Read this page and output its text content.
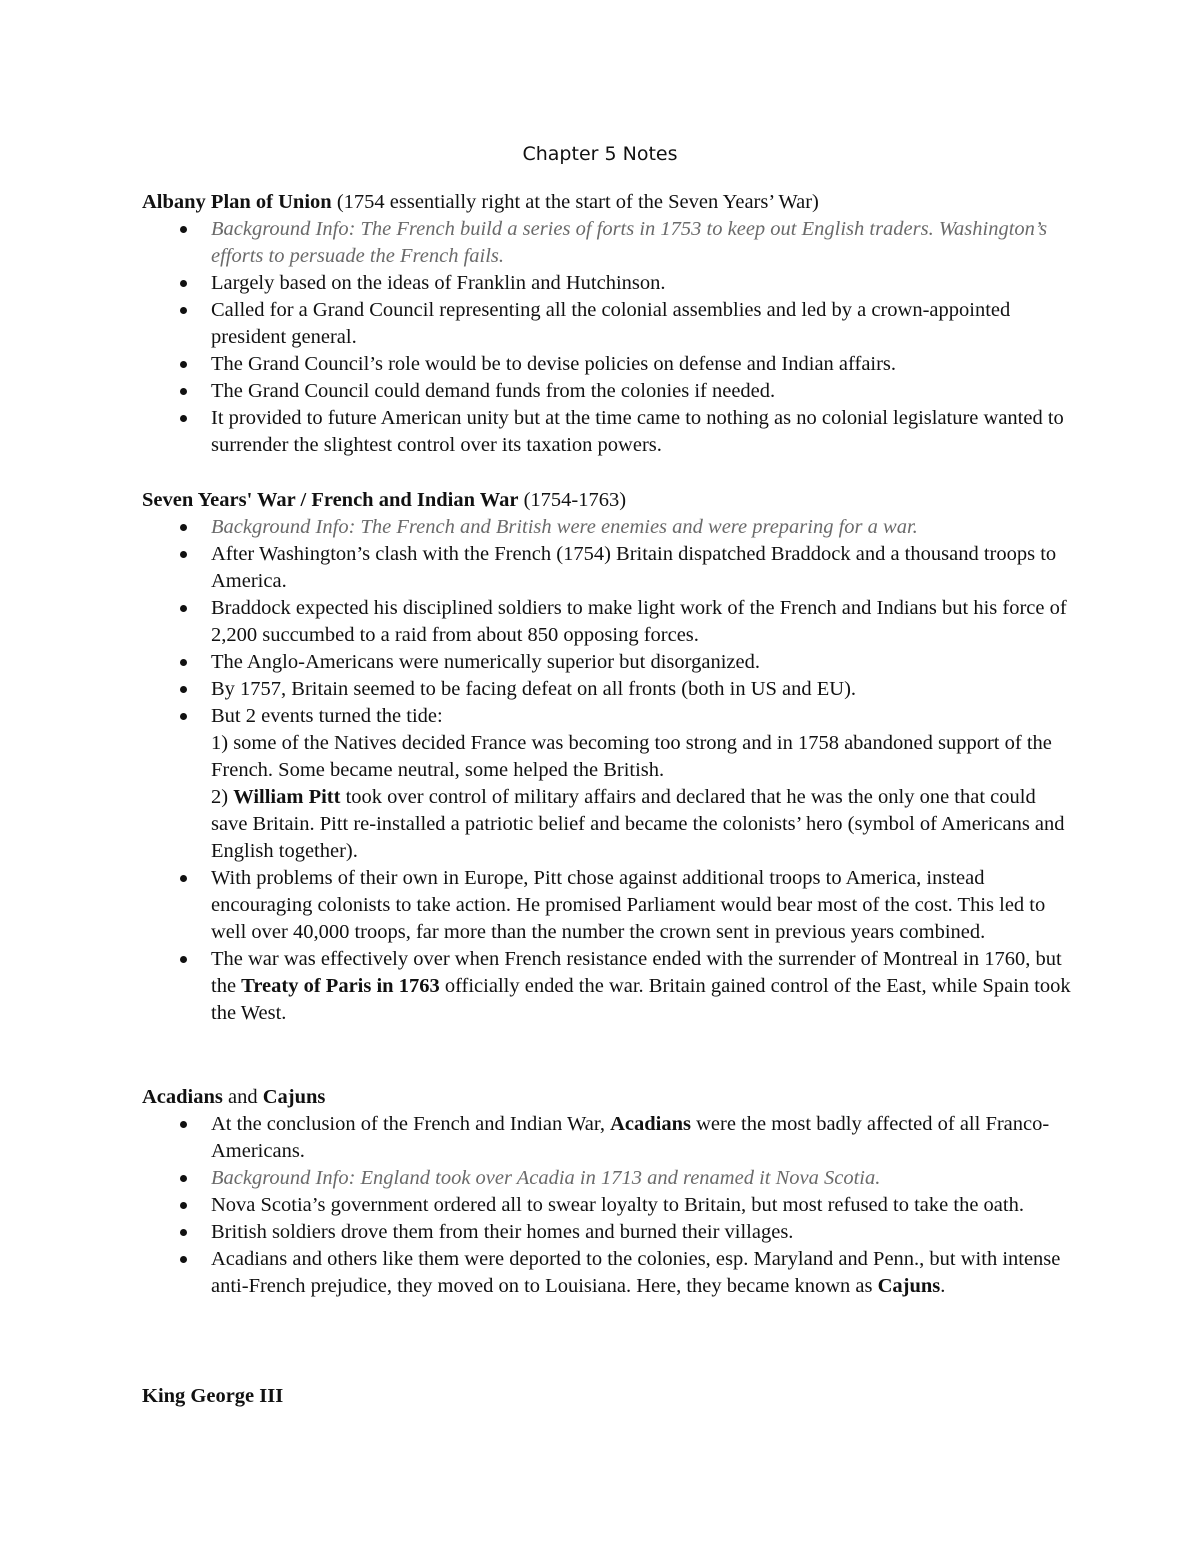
Chapter 5 Notes

Albany Plan of Union (1754 essentially right at the start of the Seven Years’ War)

Background Info: The French build a series of forts in 1753 to keep out English traders. Washington’s efforts to persuade the French fails.
Largely based on the ideas of Franklin and Hutchinson.
Called for a Grand Council representing all the colonial assemblies and led by a crown-appointed president general.
The Grand Council’s role would be to devise policies on defense and Indian affairs.
The Grand Council could demand funds from the colonies if needed.
It provided to future American unity but at the time came to nothing as no colonial legislature wanted to surrender the slightest control over its taxation powers.

Seven Years' War / French and Indian War (1754-1763)

Background Info: The French and British were enemies and were preparing for a war.
After Washington’s clash with the French (1754) Britain dispatched Braddock and a thousand troops to America.
Braddock expected his disciplined soldiers to make light work of the French and Indians but his force of 2,200 succumbed to a raid from about 850 opposing forces.
The Anglo-Americans were numerically superior but disorganized.
By 1757, Britain seemed to be facing defeat on all fronts (both in US and EU).
But 2 events turned the tide:
1) some of the Natives decided France was becoming too strong and in 1758 abandoned support of the French. Some became neutral, some helped the British.
2) William Pitt took over control of military affairs and declared that he was the only one that could save Britain. Pitt re-installed a patriotic belief and became the colonists’ hero (symbol of Americans and English together).
With problems of their own in Europe, Pitt chose against additional troops to America, instead encouraging colonists to take action. He promised Parliament would bear most of the cost. This led to well over 40,000 troops, far more than the number the crown sent in previous years combined.
The war was effectively over when French resistance ended with the surrender of Montreal in 1760, but the Treaty of Paris in 1763 officially ended the war. Britain gained control of the East, while Spain took the West.

Acadians and Cajuns

At the conclusion of the French and Indian War, Acadians were the most badly affected of all Franco-Americans.
Background Info: England took over Acadia in 1713 and renamed it Nova Scotia.
Nova Scotia’s government ordered all to swear loyalty to Britain, but most refused to take the oath.
British soldiers drove them from their homes and burned their villages.
Acadians and others like them were deported to the colonies, esp. Maryland and Penn., but with intense anti-French prejudice, they moved on to Louisiana. Here, they became known as Cajuns.

King George III
